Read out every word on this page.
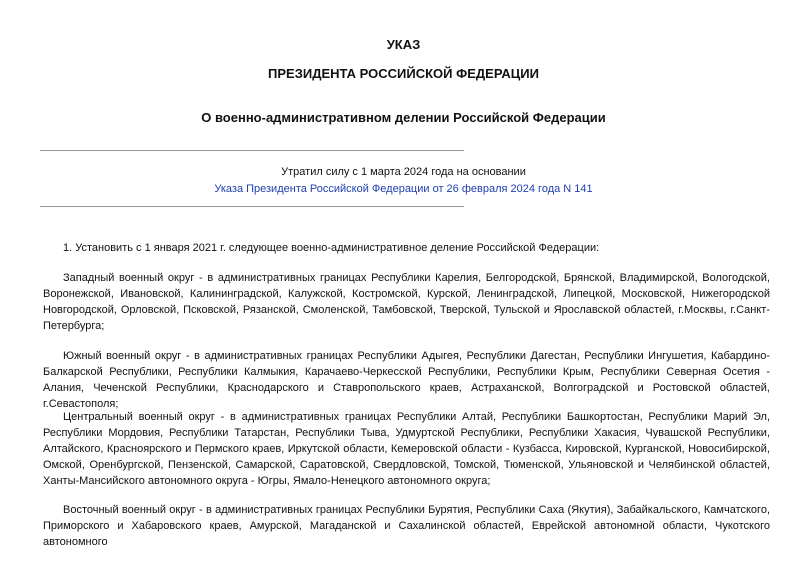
УКАЗ
ПРЕЗИДЕНТА РОССИЙСКОЙ ФЕДЕРАЦИИ
О военно-административном делении Российской Федерации
Утратил силу с 1 марта 2024 года на основании
Указа Президента Российской Федерации от 26 февраля 2024 года N 141

1. Установить с 1 января 2021 г. следующее военно-административное деление Российской Федерации:

Западный военный округ - в административных границах Республики Карелия, Белгородской, Брянской, Владимирской, Вологодской, Воронежской, Ивановской, Калининградской, Калужской, Костромской, Курской, Ленинградской, Липецкой, Московской, Нижегородской Новгородской, Орловской, Псковской, Рязанской, Смоленской, Тамбовской, Тверской, Тульской и Ярославской областей, г.Москвы, г.Санкт-Петербурга;

Южный военный округ - в административных границах Республики Адыгея, Республики Дагестан, Республики Ингушетия, Кабардино-Балкарской Республики, Республики Калмыкия, Карачаево-Черкесской Республики, Республики Крым, Республики Северная Осетия - Алания, Чеченской Республики, Краснодарского и Ставропольского краев, Астраханской, Волгоградской и Ростовской областей, г.Севастополя;

Центральный военный округ - в административных границах Республики Алтай, Республики Башкортостан, Республики Марий Эл, Республики Мордовия, Республики Татарстан, Республики Тыва, Удмуртской Республики, Республики Хакасия, Чувашской Республики, Алтайского, Красноярского и Пермского краев, Иркутской области, Кемеровской области - Кузбасса, Кировской, Курганской, Новосибирской, Омской, Оренбургской, Пензенской, Самарской, Саратовской, Свердловской, Томской, Тюменской, Ульяновской и Челябинской областей, Ханты-Мансийского автономного округа - Югры, Ямало-Ненецкого автономного округа;

Восточный военный округ - в административных границах Республики Бурятия, Республики Саха (Якутия), Забайкальского, Камчатского, Приморского и Хабаровского краев, Амурской, Магаданской и Сахалинской областей, Еврейской автономной области, Чукотского автономного
